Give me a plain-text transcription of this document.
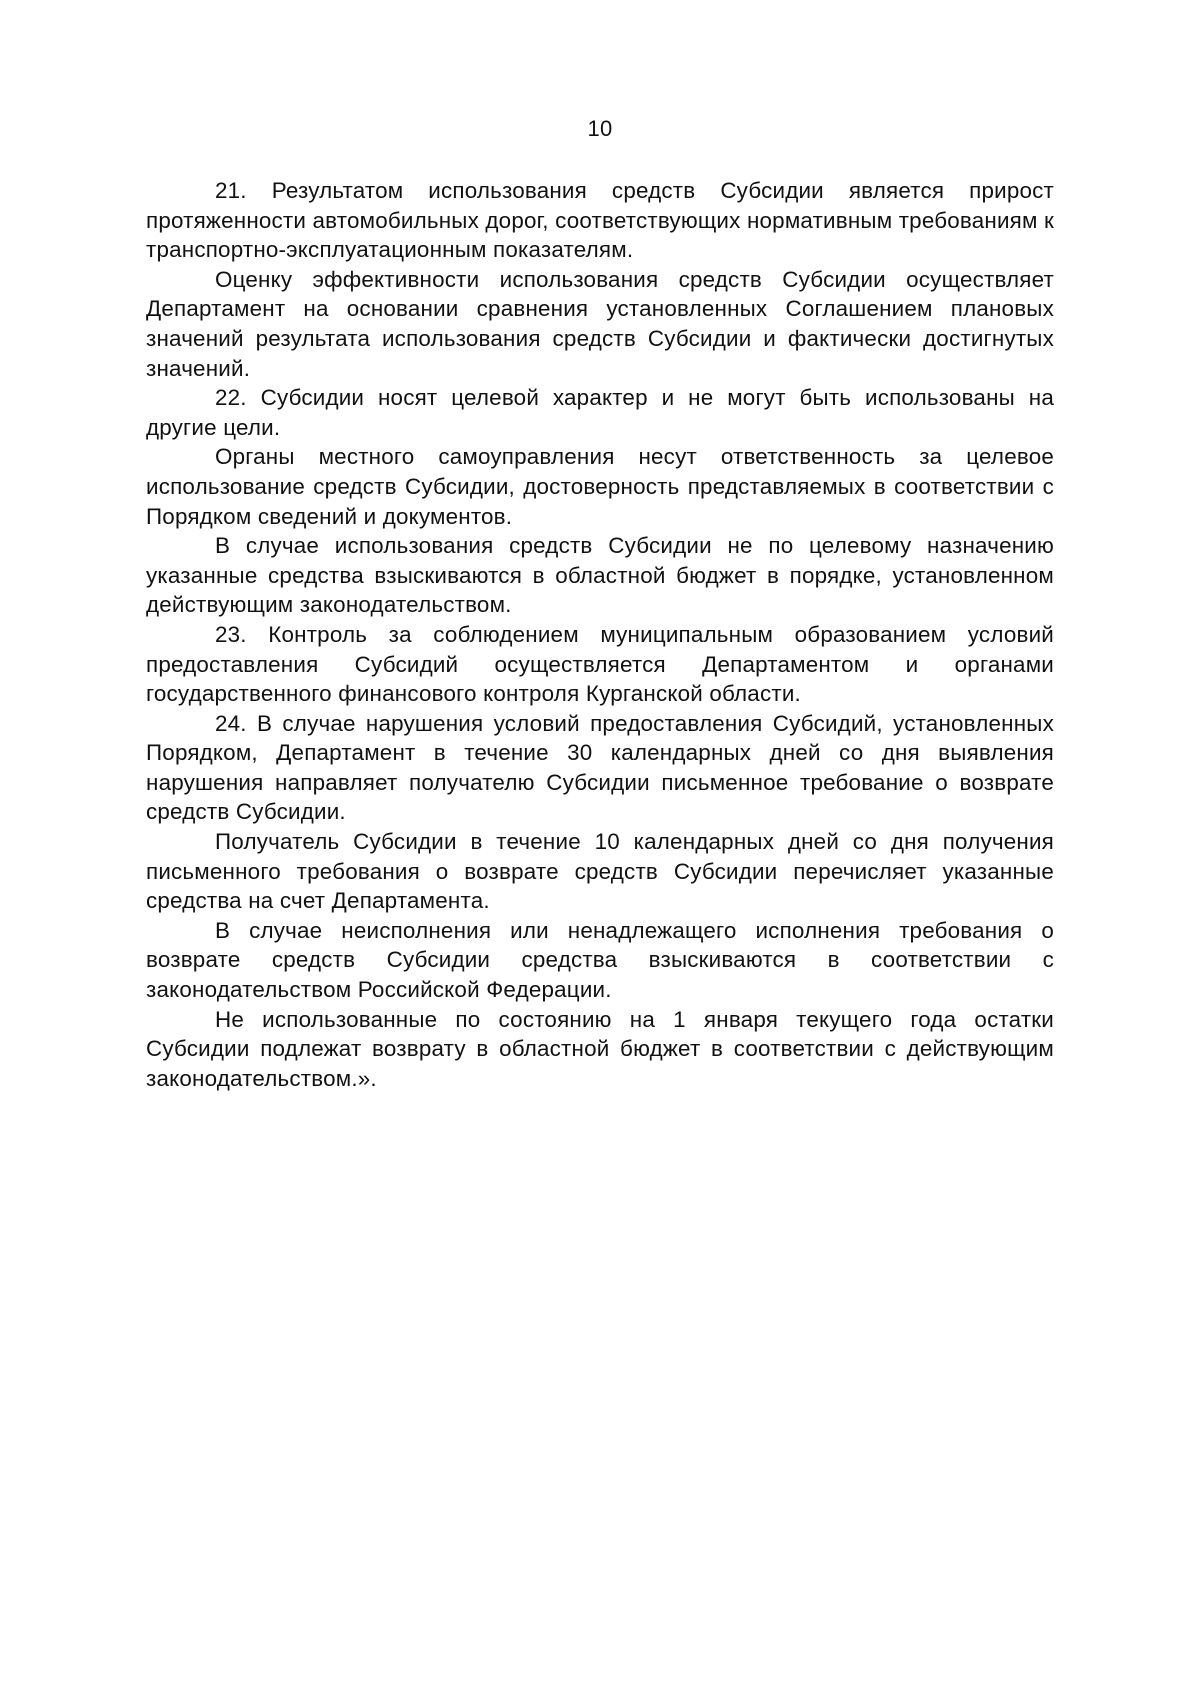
10

21. Результатом использования средств Субсидии является прирост протяженности автомобильных дорог, соответствующих нормативным требованиям к транспортно-эксплуатационным показателям.

Оценку эффективности использования средств Субсидии осуществляет Департамент на основании сравнения установленных Соглашением плановых значений результата использования средств Субсидии и фактически достигнутых значений.

22. Субсидии носят целевой характер и не могут быть использованы на другие цели.

Органы местного самоуправления несут ответственность за целевое использование средств Субсидии, достоверность представляемых в соответствии с Порядком сведений и документов.

В случае использования средств Субсидии не по целевому назначению указанные средства взыскиваются в областной бюджет в порядке, установленном действующим законодательством.

23. Контроль за соблюдением муниципальным образованием условий предоставления Субсидий осуществляется Департаментом и органами государственного финансового контроля Курганской области.

24. В случае нарушения условий предоставления Субсидий, установленных Порядком, Департамент в течение 30 календарных дней со дня выявления нарушения направляет получателю Субсидии письменное требование о возврате средств Субсидии.

Получатель Субсидии в течение 10 календарных дней со дня получения письменного требования о возврате средств Субсидии перечисляет указанные средства на счет Департамента.

В случае неисполнения или ненадлежащего исполнения требования о возврате средств Субсидии средства взыскиваются в соответствии с законодательством Российской Федерации.

Не использованные по состоянию на 1 января текущего года остатки Субсидии подлежат возврату в областной бюджет в соответствии с действующим законодательством.».
